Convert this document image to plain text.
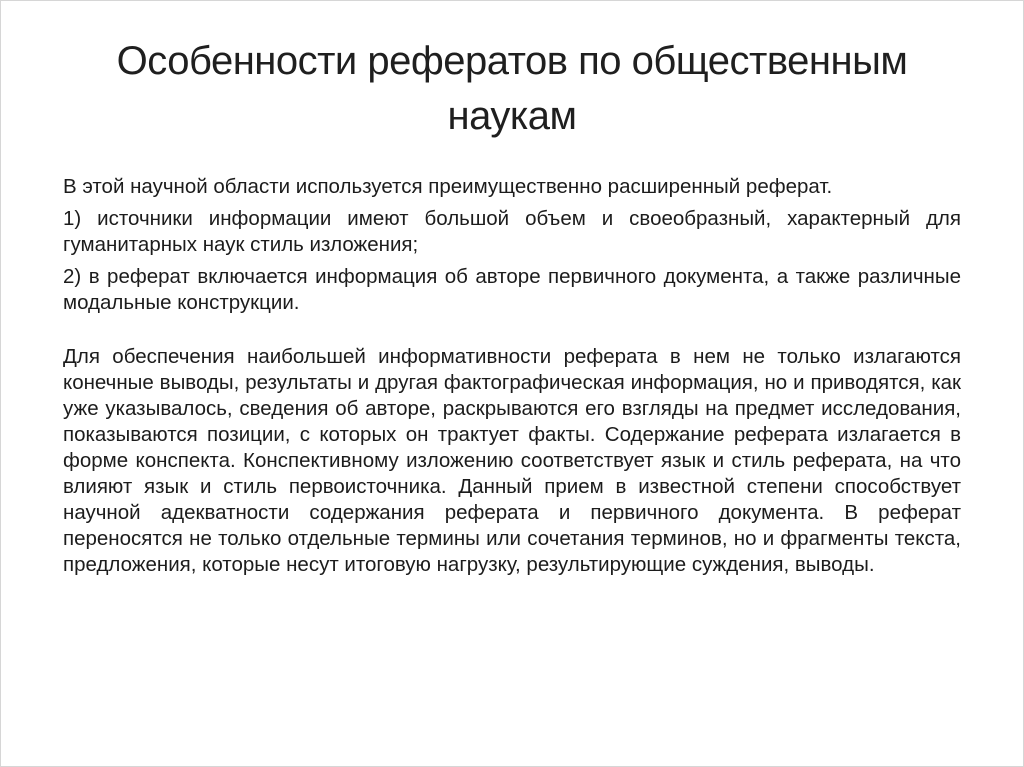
Особенности рефератов по общественным
наукам

В этой научной области используется преимущественно расширенный реферат.

1) источники информации имеют большой объем и своеобразный, характерный для гуманитарных наук стиль изложения;

2) в реферат включается информация об авторе первичного документа, а также различные модальные конструкции.

Для обеспечения наибольшей информативности реферата в нем не только излагаются конечные выводы, результаты и другая фактографическая информация, но и приводятся, как уже указывалось, сведения об авторе, раскрываются его взгляды на предмет исследования, показываются позиции, с которых он трактует факты. Содержание реферата излагается в форме конспекта. Конспективному изложению соответствует язык и стиль реферата, на что влияют язык и стиль первоисточника. Данный прием в известной степени способствует научной адекватности содержания реферата и первичного документа. В реферат переносятся не только отдельные термины или сочетания терминов, но и фрагменты текста, предложения, которые несут итоговую нагрузку, результирующие суждения, выводы.
